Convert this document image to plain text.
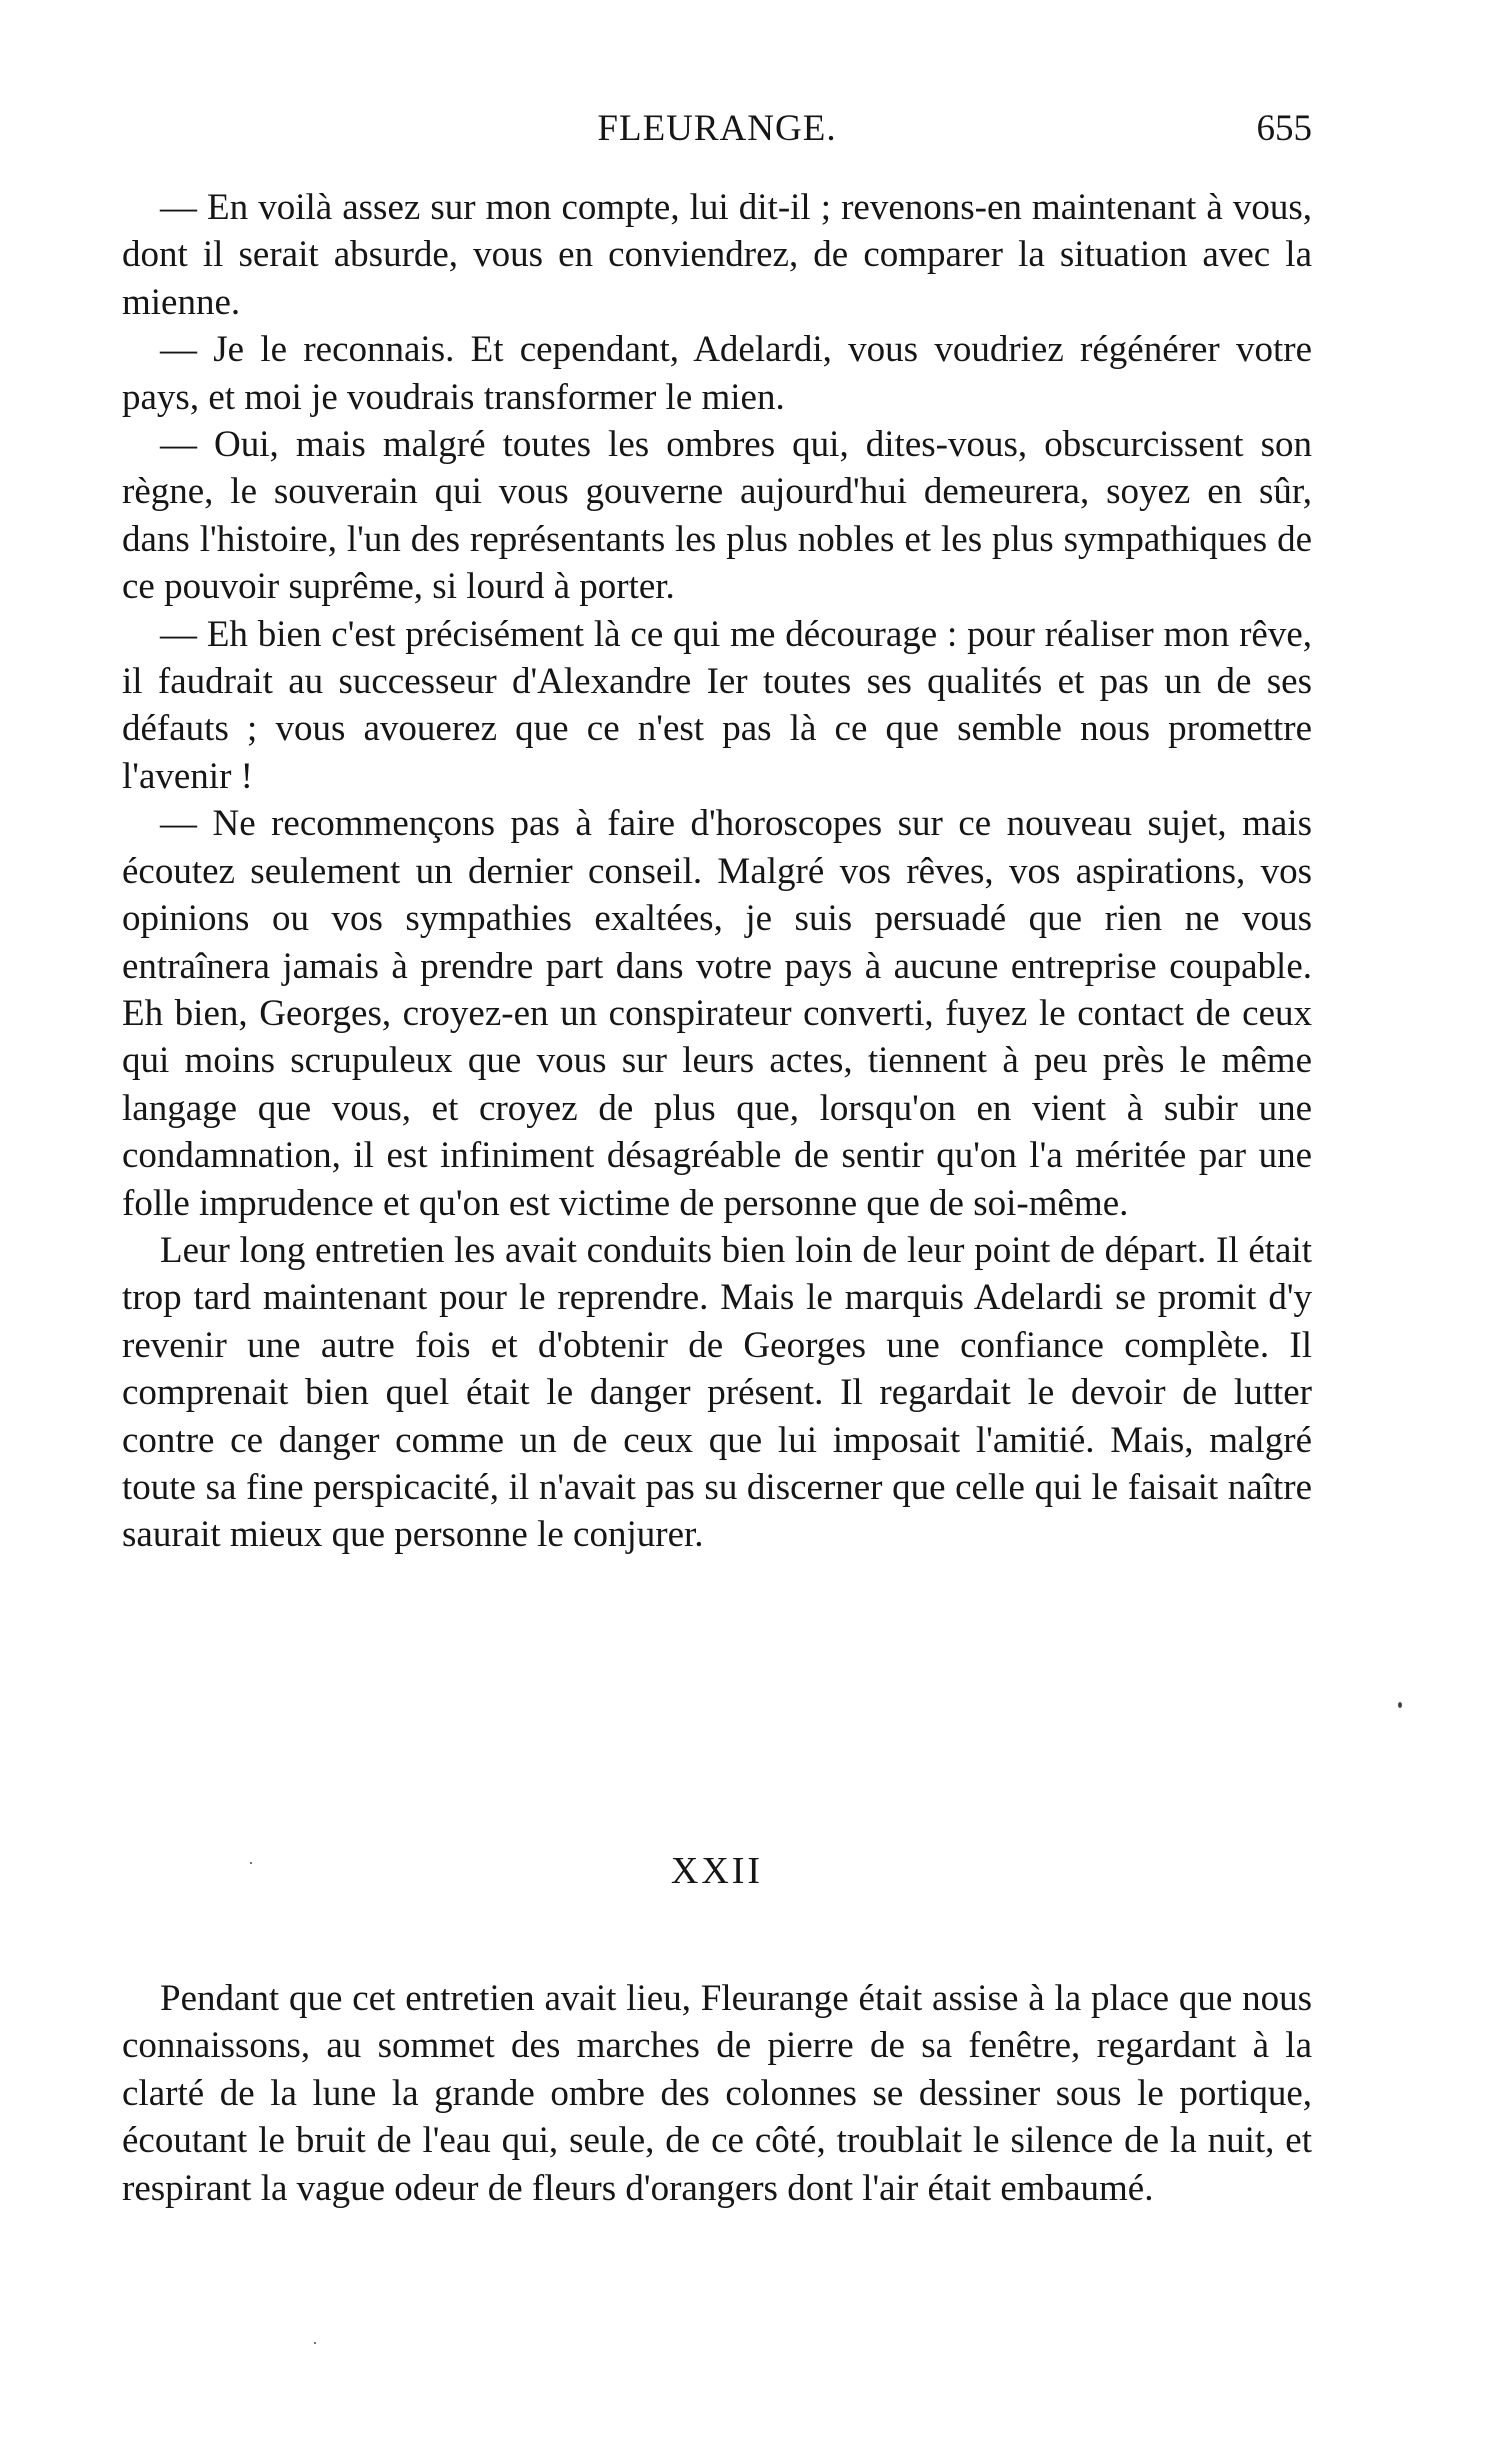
FLEURANGE.	655

— En voilà assez sur mon compte, lui dit-il ; revenons-en maintenant à vous, dont il serait absurde, vous en conviendrez, de comparer la situation avec la mienne.

— Je le reconnais. Et cependant, Adelardi, vous voudriez régénérer votre pays, et moi je voudrais transformer le mien.

— Oui, mais malgré toutes les ombres qui, dites-vous, obscurcissent son règne, le souverain qui vous gouverne aujourd'hui demeurera, soyez en sûr, dans l'histoire, l'un des représentants les plus nobles et les plus sympathiques de ce pouvoir suprême, si lourd à porter.

— Eh bien c'est précisément là ce qui me décourage : pour réaliser mon rêve, il faudrait au successeur d'Alexandre Ier toutes ses qualités et pas un de ses défauts ; vous avouerez que ce n'est pas là ce que semble nous promettre l'avenir !

— Ne recommençons pas à faire d'horoscopes sur ce nouveau sujet, mais écoutez seulement un dernier conseil. Malgré vos rêves, vos aspirations, vos opinions ou vos sympathies exaltées, je suis persuadé que rien ne vous entraînera jamais à prendre part dans votre pays à aucune entreprise coupable. Eh bien, Georges, croyez-en un conspirateur converti, fuyez le contact de ceux qui moins scrupuleux que vous sur leurs actes, tiennent à peu près le même langage que vous, et croyez de plus que, lorsqu'on en vient à subir une condamnation, il est infiniment désagréable de sentir qu'on l'a méritée par une folle imprudence et qu'on est victime de personne que de soi-même.

Leur long entretien les avait conduits bien loin de leur point de départ. Il était trop tard maintenant pour le reprendre. Mais le marquis Adelardi se promit d'y revenir une autre fois et d'obtenir de Georges une confiance complète. Il comprenait bien quel était le danger présent. Il regardait le devoir de lutter contre ce danger comme un de ceux que lui imposait l'amitié. Mais, malgré toute sa fine perspicacité, il n'avait pas su discerner que celle qui le faisait naître saurait mieux que personne le conjurer.

XXII

Pendant que cet entretien avait lieu, Fleurange était assise à la place que nous connaissons, au sommet des marches de pierre de sa fenêtre, regardant à la clarté de la lune la grande ombre des colonnes se dessiner sous le portique, écoutant le bruit de l'eau qui, seule, de ce côté, troublait le silence de la nuit, et respirant la vague odeur de fleurs d'orangers dont l'air était embaumé.
